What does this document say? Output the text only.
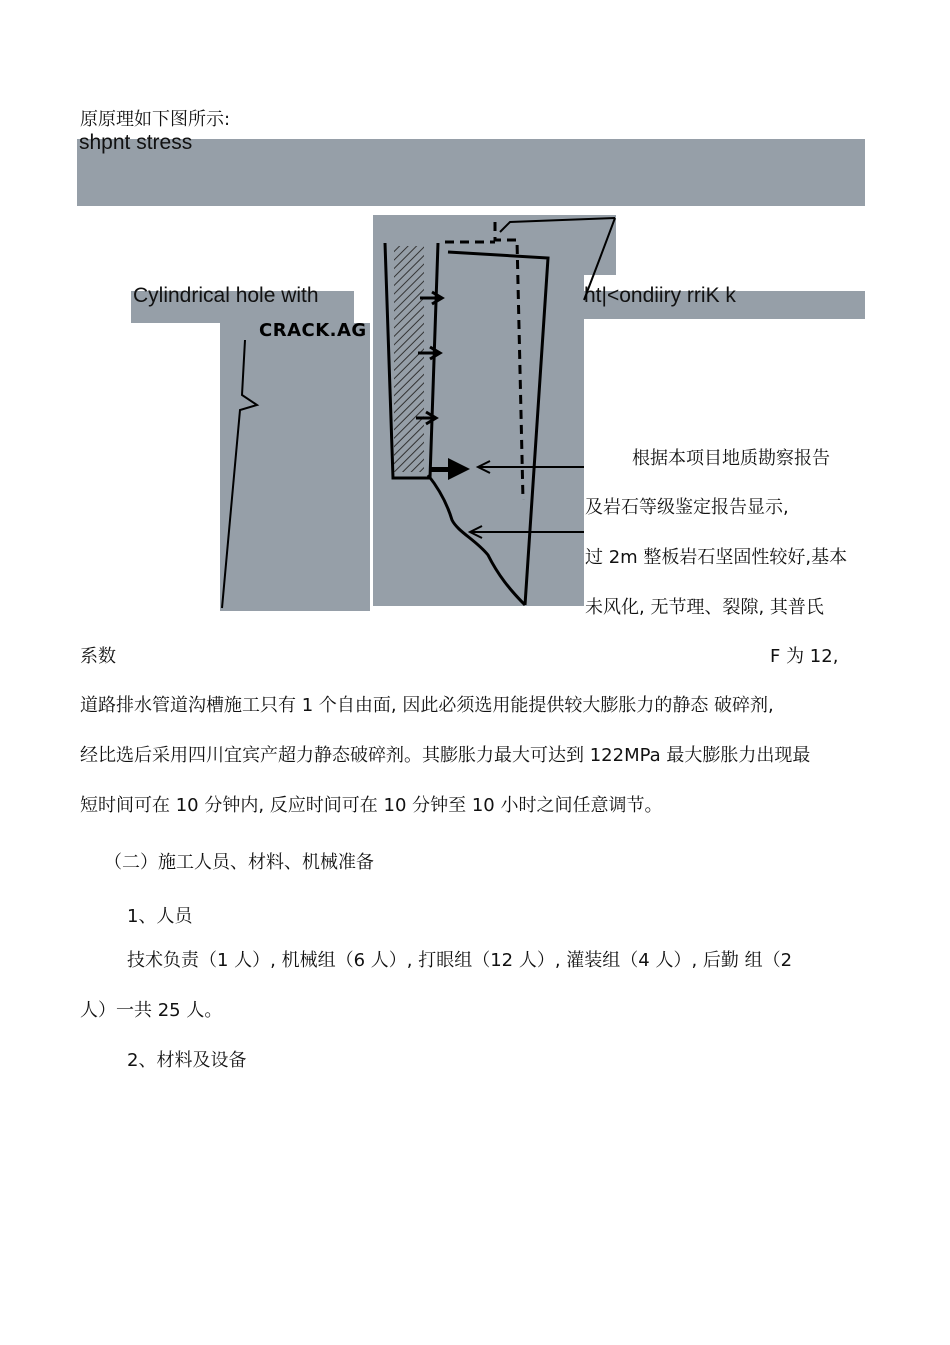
原原理如下图所示:
shpnt stress
Cylindrical hole with	ht|<ondiiry rriK k
CRACK.AG
根据本项目地质勘察报告
及岩石等级鉴定报告显示,
过 2m 整板岩石坚固性较好,基本
未风化, 无节理、裂隙, 其普氏
系数	F 为 12,
道路排水管道沟槽施工只有 1 个自由面, 因此必须选用能提供较大膨胀力的静态 破碎剂,
经比选后采用四川宜宾产超力静态破碎剂。其膨胀力最大可达到 122MPa 最大膨胀力出现最
短时间可在 10 分钟内, 反应时间可在 10 分钟至 10 小时之间任意调节。
（二）施工人员、材料、机械准备
1、人员
技术负责（1 人）, 机械组（6 人）, 打眼组（12 人）, 灌装组（4 人）, 后勤 组（2
人）一共 25 人。
2、材料及设备
